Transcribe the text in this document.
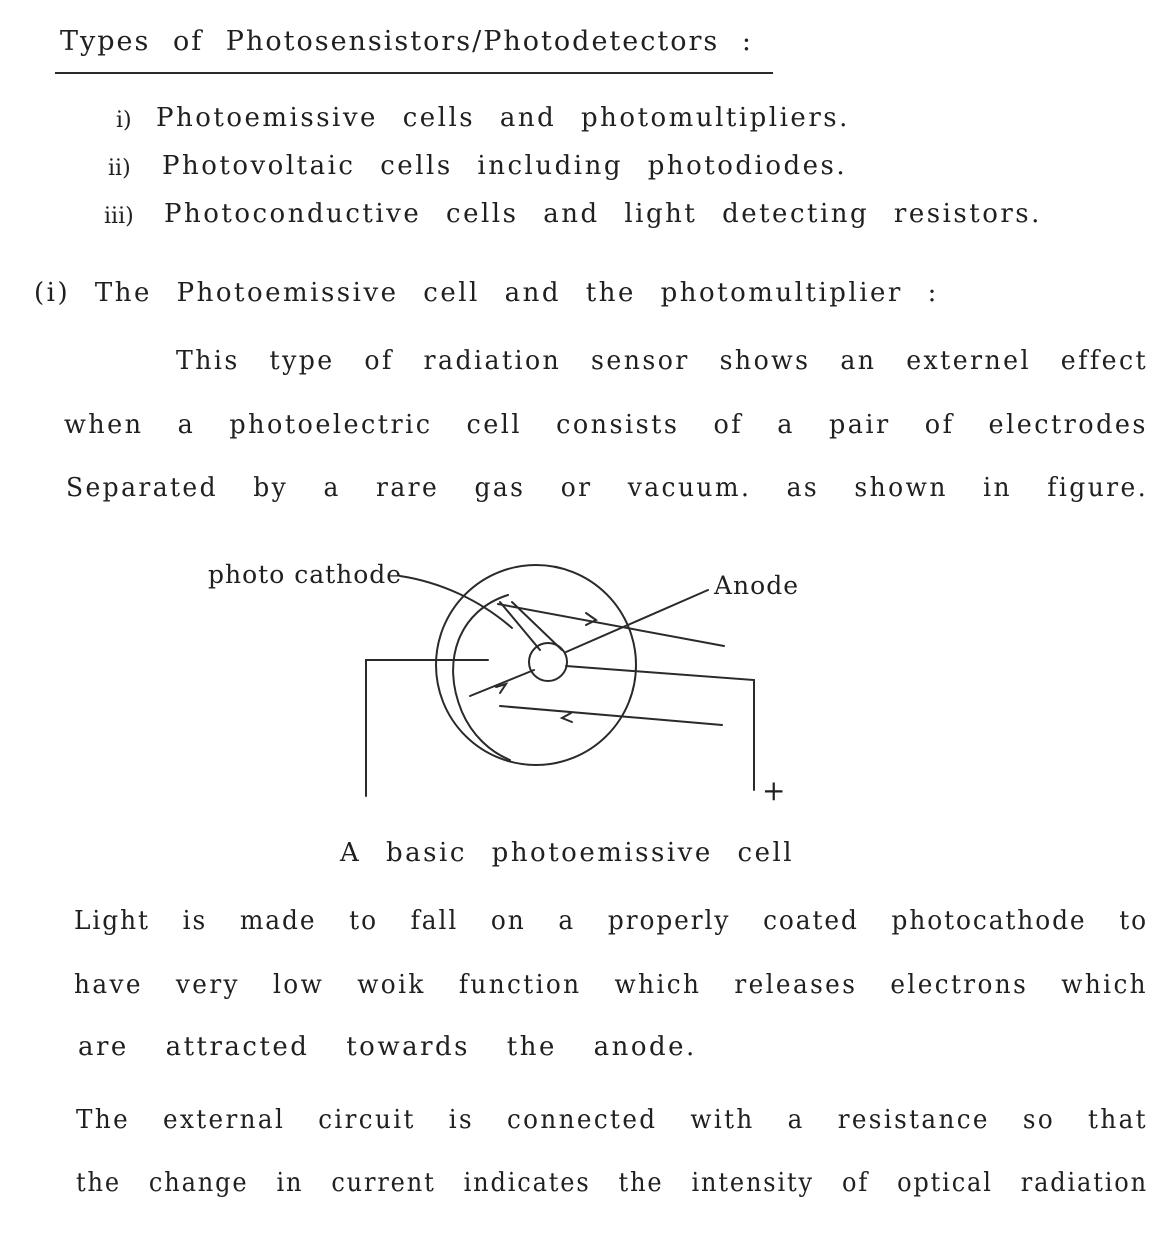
Types of Photosensistors/Photodetectors :
i) Photoemissive cells and photomultipliers.
ii) Photovoltaic cells including photodiodes.
iii) Photoconductive cells and light detecting resistors.
(i) The Photoemissive cell and the photomultiplier :
This type of radiation sensor shows an externel effect
when a photoelectric cell consists of a pair of electrodes
Separated by a rare gas or vacuum. as shown in figure.
photo cathode	Anode
+
A basic photoemissive cell
Light is made to fall on a properly coated photocathode to
have very low woik function which releases electrons which
are attracted towards the anode.
The external circuit is connected with a resistance so that
the change in current indicates the intensity of optical radiation
